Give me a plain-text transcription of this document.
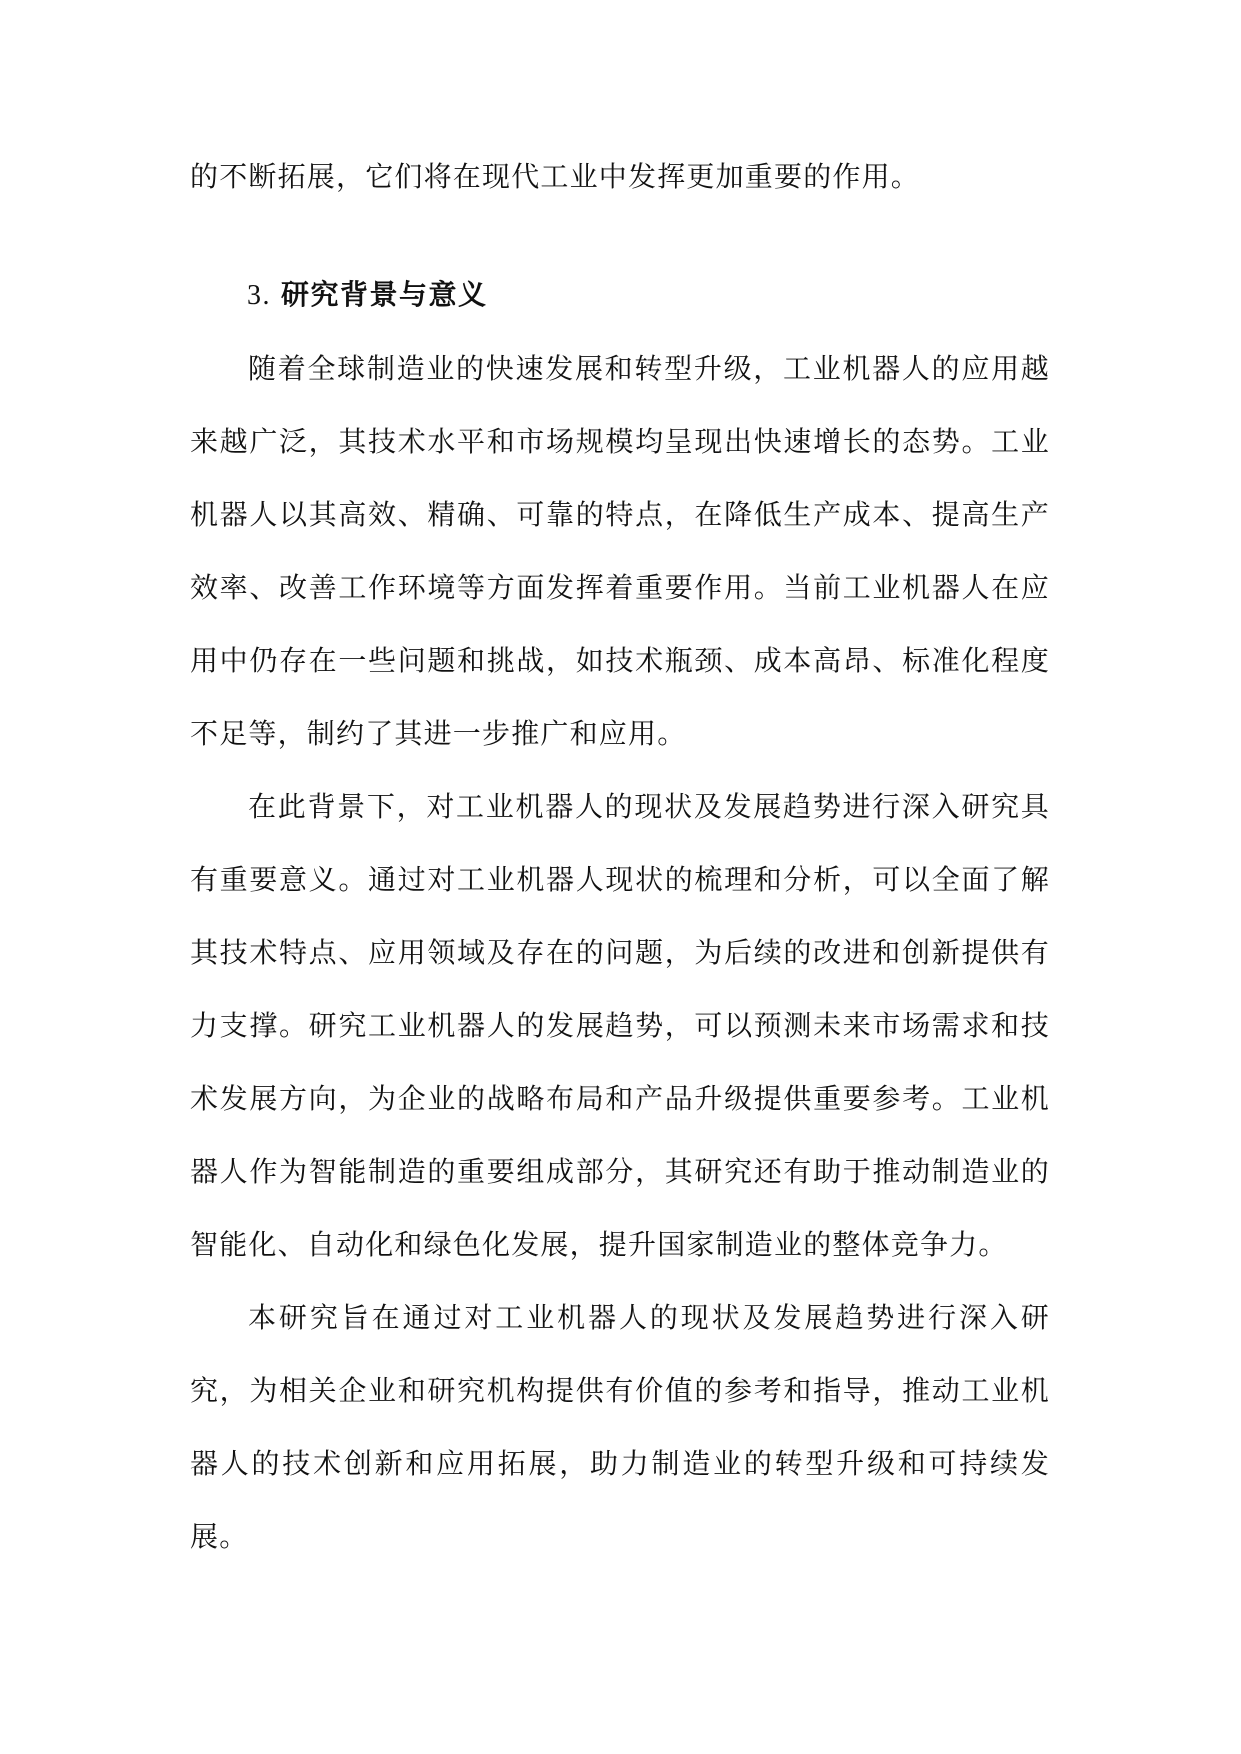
的不断拓展，它们将在现代工业中发挥更加重要的作用。

3. 研究背景与意义

随着全球制造业的快速发展和转型升级，工业机器人的应用越来越广泛，其技术水平和市场规模均呈现出快速增长的态势。工业机器人以其高效、精确、可靠的特点，在降低生产成本、提高生产效率、改善工作环境等方面发挥着重要作用。当前工业机器人在应用中仍存在一些问题和挑战，如技术瓶颈、成本高昂、标准化程度不足等，制约了其进一步推广和应用。

在此背景下，对工业机器人的现状及发展趋势进行深入研究具有重要意义。通过对工业机器人现状的梳理和分析，可以全面了解其技术特点、应用领域及存在的问题，为后续的改进和创新提供有力支撑。研究工业机器人的发展趋势，可以预测未来市场需求和技术发展方向，为企业的战略布局和产品升级提供重要参考。工业机器人作为智能制造的重要组成部分，其研究还有助于推动制造业的智能化、自动化和绿色化发展，提升国家制造业的整体竞争力。

本研究旨在通过对工业机器人的现状及发展趋势进行深入研究，为相关企业和研究机构提供有价值的参考和指导，推动工业机器人的技术创新和应用拓展，助力制造业的转型升级和可持续发展。
